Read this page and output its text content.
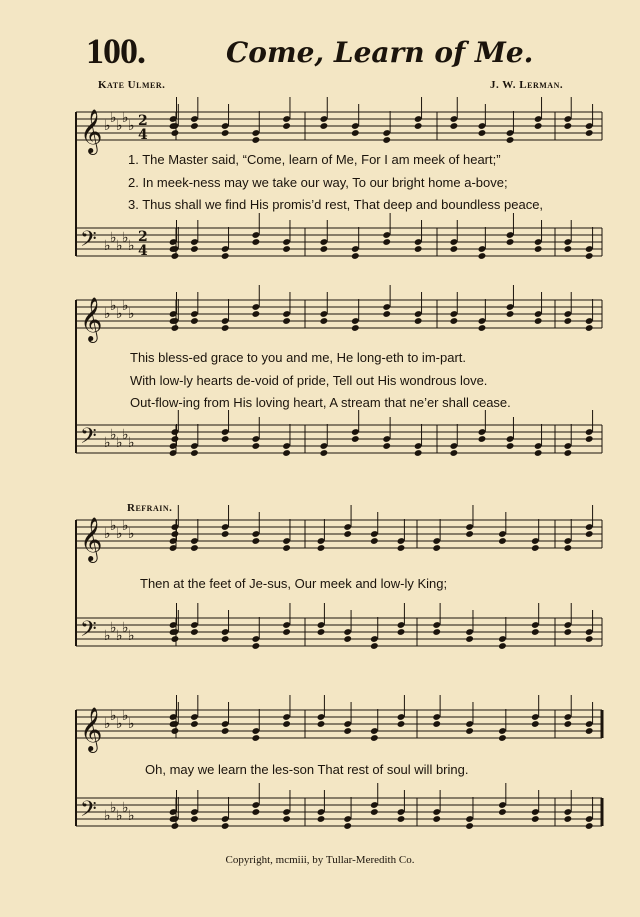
100.	Come, Learn of Me.
Kate Ulmer.	J. W. Lerman.
𝄞 ♭ ♭ ♭ ♭ ♭ 2
4
𝄢 ♭ ♭ ♭ ♭ ♭
2
4
𝄞 ♭ ♭ ♭ ♭ ♭
𝄢 ♭ ♭ ♭ ♭ ♭
𝄞 ♭ ♭ ♭ ♭ ♭
𝄢 ♭ ♭ ♭ ♭ ♭
𝄞 ♭ ♭ ♭ ♭ ♭
𝄢 ♭ ♭ ♭ ♭ ♭
1. The Master said, “Come, learn of Me, For I am meek of heart;”
2. In meek-ness may we take our way, To our bright home a-bove;
3. Thus shall we find His promis’d rest, That deep and boundless peace,
This bless-ed grace to you and me, He long-eth to im-part.
With low-ly hearts de-void of pride, Tell out His wondrous love.
Out-flow-ing from His loving heart, A stream that ne’er shall cease.
Refrain.
Then at the feet of Je-sus, Our meek and low-ly King;
Oh, may we learn the les-son That rest of soul will bring.
Copyright, mcmiii, by Tullar-Meredith Co.
